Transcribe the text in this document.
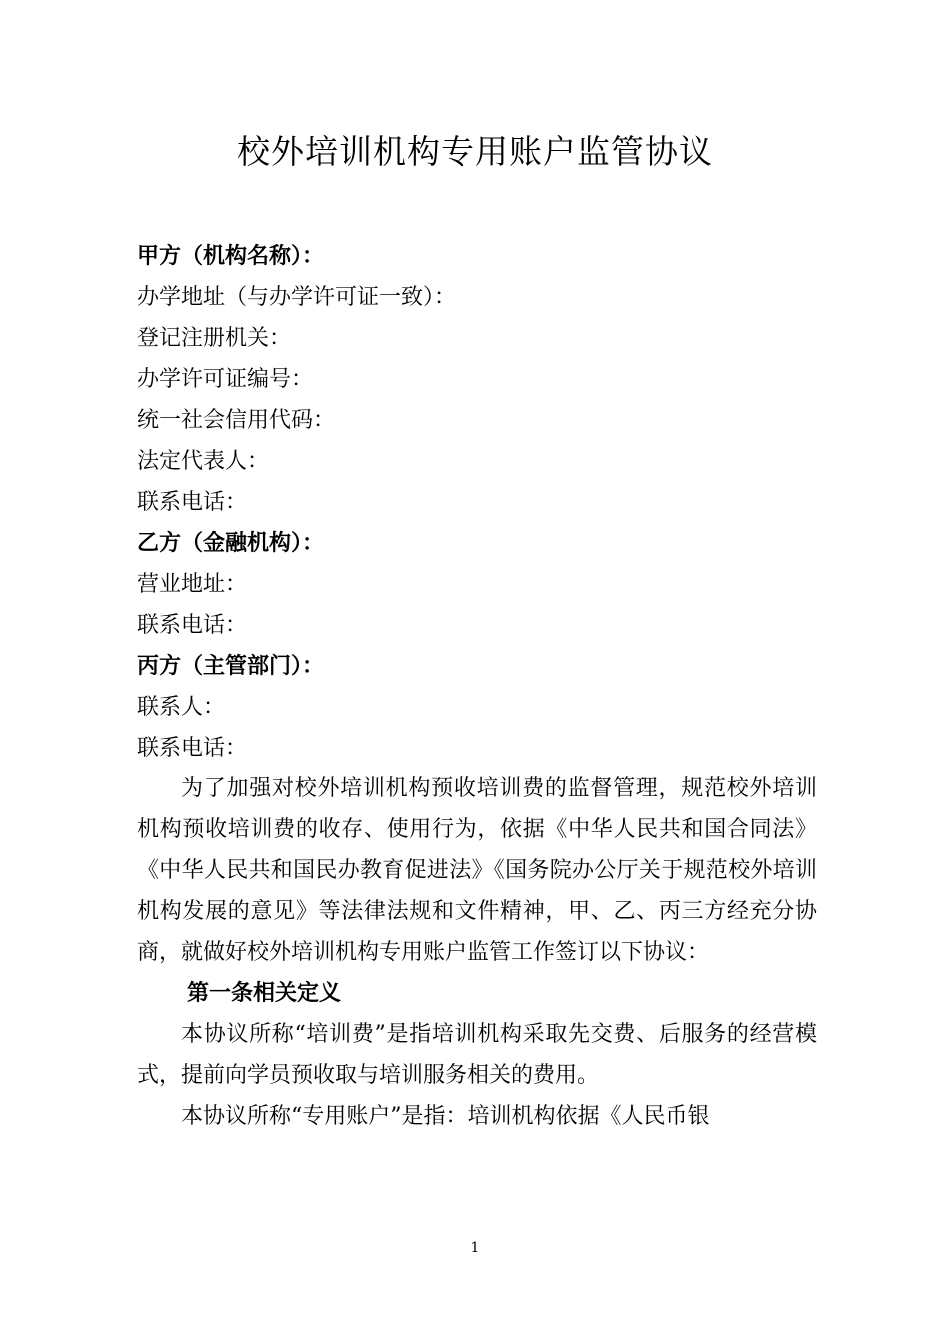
校外培训机构专用账户监管协议
甲方（机构名称）：
办学地址（与办学许可证一致）：
登记注册机关：
办学许可证编号：
统一社会信用代码：
法定代表人：
联系电话：
乙方（金融机构）：
营业地址：
联系电话：
丙方（主管部门）：
联系人：
联系电话：

为了加强对校外培训机构预收培训费的监督管理，规范校外培训机构预收培训费的收存、使用行为，依据《中华人民共和国合同法》《中华人民共和国民办教育促进法》《国务院办公厅关于规范校外培训机构发展的意见》等法律法规和文件精神，甲、乙、丙三方经充分协商，就做好校外培训机构专用账户监管工作签订以下协议：

第一条相关定义

本协议所称“培训费”是指培训机构采取先交费、后服务的经营模式，提前向学员预收取与培训服务相关的费用。

本协议所称“专用账户”是指：培训机构依据《人民币银

1
